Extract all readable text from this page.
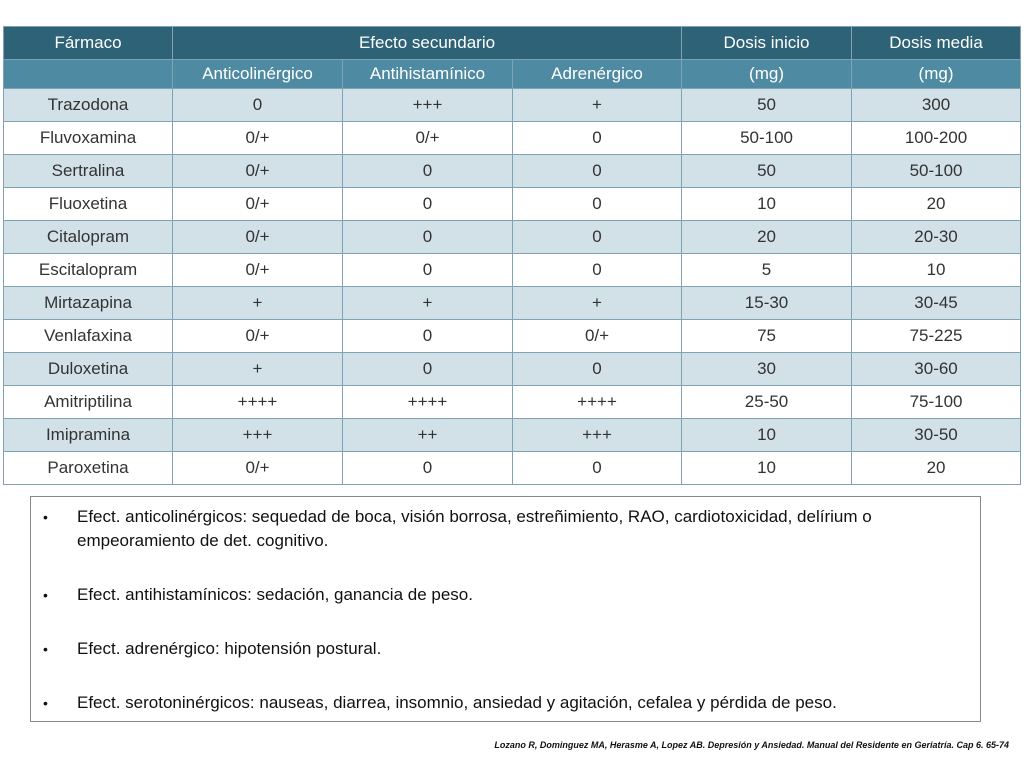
Fármaco	Efecto secundario			Dosis inicio	Dosis media
	Anticolinérgico	Antihistamínico	Adrenérgico	(mg)	(mg)
Trazodona	0	+++	+	50	300
Fluvoxamina	0/+	0/+	0	50-100	100-200
Sertralina	0/+	0	0	50	50-100
Fluoxetina	0/+	0	0	10	20
Citalopram	0/+	0	0	20	20-30
Escitalopram	0/+	0	0	5	10
Mirtazapina	+	+	+	15-30	30-45
Venlafaxina	0/+	0	0/+	75	75-225
Duloxetina	+	0	0	30	30-60
Amitriptilina	++++	++++	++++	25-50	75-100
Imipramina	+++	++	+++	10	30-50
Paroxetina	0/+	0	0	10	20
• Efect. anticolinérgicos: sequedad de boca, visión borrosa, estreñimiento, RAO, cardiotoxicidad, delírium o empeoramiento de det. cognitivo.
• Efect. antihistamínicos: sedación, ganancia de peso.
• Efect. adrenérgico: hipotensión postural.
• Efect. serotoninérgicos: nauseas, diarrea, insomnio, ansiedad y agitación, cefalea y pérdida de peso.
Lozano R, Dominguez MA, Herasme A, Lopez AB. Depresión y Ansiedad. Manual del Residente en Geriatría. Cap 6. 65-74
